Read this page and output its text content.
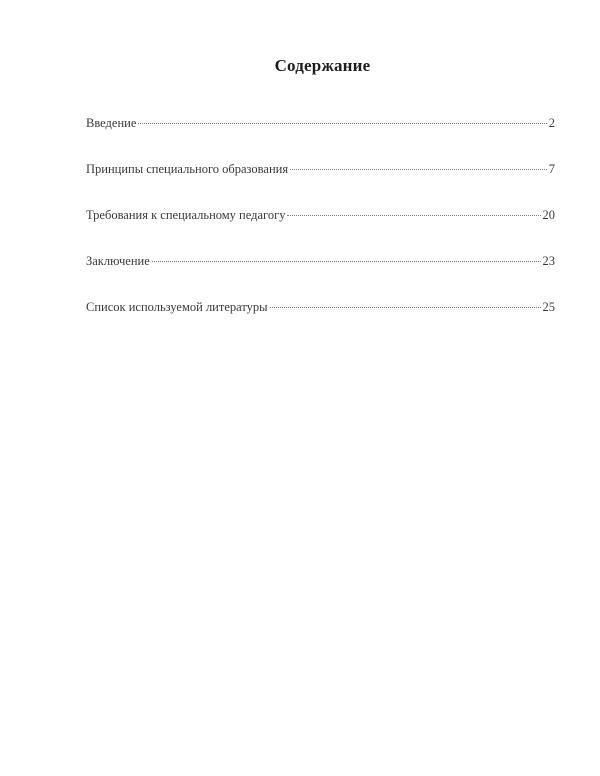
Содержание
Введение	2
Принципы специального образования	7
Требования к специальному педагогу	20
Заключение	23
Список используемой литературы	25
